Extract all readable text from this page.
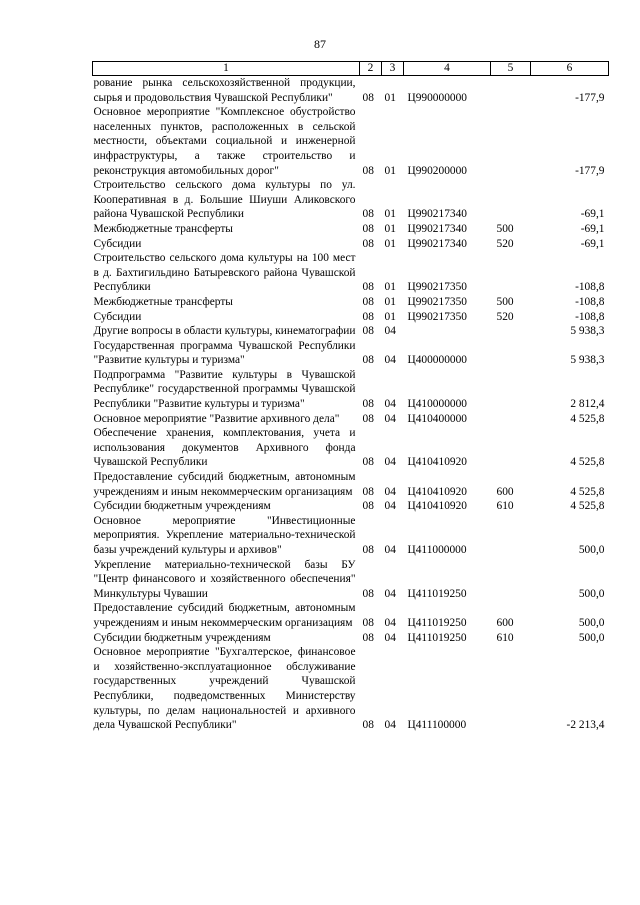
87
1	2	3	4	5	6
рование рынка сельскохозяйственной продукции, сырья и продовольствия Чувашской Республики"	08	01	Ц990000000		-177,9
Основное мероприятие "Комплексное обустройство населенных пунктов, расположенных в сельской местности, объектами социальной и инженерной инфраструктуры, а также строительство и реконструкция автомобильных дорог"	08	01	Ц990200000		-177,9
Строительство сельского дома культуры по ул. Кооперативная в д. Большие Шиуши Аликовского района Чувашской Республики	08	01	Ц990217340		-69,1
Межбюджетные трансферты	08	01	Ц990217340	500	-69,1
Субсидии	08	01	Ц990217340	520	-69,1
Строительство сельского дома культуры на 100 мест в д. Бахтигильдино Батыревского района Чувашской Республики	08	01	Ц990217350		-108,8
Межбюджетные трансферты	08	01	Ц990217350	500	-108,8
Субсидии	08	01	Ц990217350	520	-108,8
Другие вопросы в области культуры, кинематографии	08	04			5 938,3
Государственная программа Чувашской Республики "Развитие культуры и туризма"	08	04	Ц400000000		5 938,3
Подпрограмма "Развитие культуры в Чувашской Республике" государственной программы Чувашской Республики "Развитие культуры и туризма"	08	04	Ц410000000		2 812,4
Основное мероприятие "Развитие архивного дела"	08	04	Ц410400000		4 525,8
Обеспечение хранения, комплектования, учета и использования документов Архивного фонда Чувашской Республики	08	04	Ц410410920		4 525,8
Предоставление субсидий бюджетным, автономным учреждениям и иным некоммерческим организациям	08	04	Ц410410920	600	4 525,8
Субсидии бюджетным учреждениям	08	04	Ц410410920	610	4 525,8
Основное мероприятие "Инвестиционные мероприятия. Укрепление материально-технической базы учреждений культуры и архивов"	08	04	Ц411000000		500,0
Укрепление материально-технической базы БУ "Центр финансового и хозяйственного обеспечения" Минкультуры Чувашии	08	04	Ц411019250		500,0
Предоставление субсидий бюджетным, автономным учреждениям и иным некоммерческим организациям	08	04	Ц411019250	600	500,0
Субсидии бюджетным учреждениям	08	04	Ц411019250	610	500,0
Основное мероприятие "Бухгалтерское, финансовое и хозяйственно-эксплуатационное обслуживание государственных учреждений Чувашской Республики, подведомственных Министерству культуры, по делам национальностей и архивного дела Чувашской Республики"	08	04	Ц411100000		-2 213,4
